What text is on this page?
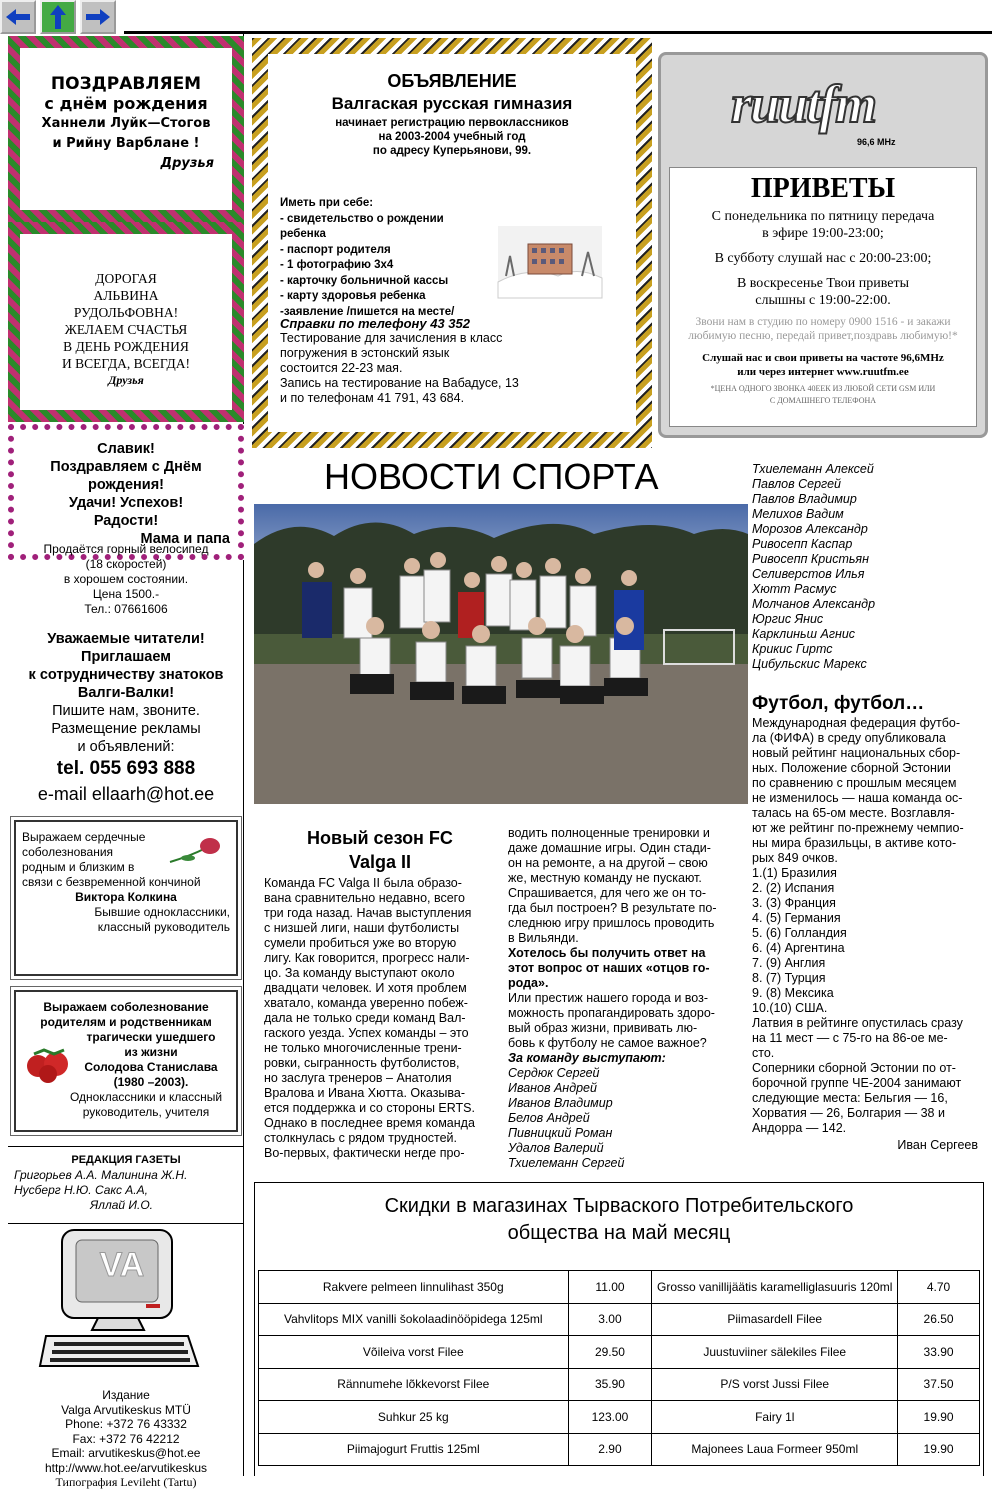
ПОЗДРАВЛЯЕМ
с днём рождения
Ханнели Луйк—Стогов
и Рийну Варблане !
Друзья
ДОРОГАЯ
АЛЬВИНА
РУДОЛЬФОВНА!
ЖЕЛАЕМ СЧАСТЬЯ
В ДЕНЬ РОЖДЕНИЯ
И ВСЕГДА, ВСЕГДА!
Друзья
Славик!
Поздравляем с Днём
рождения!
Удачи! Успехов!
Радости!
Мама и папа
Продаётся горный велосипед
(18 скоростей)
в хорошем состоянии.
Цена 1500.-
Тел.: 07661606
Уважаемые читатели!
Приглашаем
к сотрудничеству знатоков
Валги-Валки!
Пишите нам, звоните.
Размещение рекламы
и объявлений:
tel. 055 693 888
e-mail ellaarh@hot.ee
Выражаем сердечные
соболезнования
родным и близким в
связи с безвременной кончиной
Виктора Колкина
Бывшие одноклассники,
классный руководитель
Выражаем соболезнование
родителям и родственникам
трагически ушедшего
из жизни
Солодова Станислава
(1980 –2003).
Одноклассники и классный
руководитель, учителя
РЕДАКЦИЯ ГАЗЕТЫ
Григорьев А.А. Малинина Ж.Н.
Нусберг Н.Ю. Сакс А.А,
Яллай И.О.
VA
Издание
Valga Arvutikeskus MTÜ
Phone: +372 76 43332
Fax: +372 76 42212
Email: arvutikeskus@hot.ee
http://www.hot.ee/arvutikeskus
Типография Levileht (Tartu)
ОБЪЯВЛЕНИЕ
Валгаская русская гимназия
начинает регистрацию первоклассников
на 2003-2004 учебный год
по адресу Куперьянови, 99.
Иметь при себе:
- свидетельство о рождении
ребенка
- паспорт родителя
- 1 фотографию 3х4
- карточку больничной кассы
- карту здоровья ребенка
-заявление /пишется на месте/
Справки по телефону 43 352
Тестирование для зачисления в класс
погружения в эстонский язык
состоится 22-23 мая.
Запись на тестирование на Вабадусе, 13
и по телефонам 41 791, 43 684.
ruutfm
96,6 MHz
ПРИВЕТЫ
С понедельника по пятницу передача
в эфире 19:00-23:00;
В субботу слушай нас с 20:00-23:00;
В воскресенье Твои приветы
слышны с 19:00-22:00.
Звони нам в студию по номеру 0900 1516 - и закажи
любимую песню, передай привет,поздравь любимую!*
Слушай нас и свои приветы на частоте 96,6MHz
или через интернет www.ruutfm.ee
*ЦЕНА ОДНОГО ЗВОНКА 40ЕЕК ИЗ ЛЮБОЙ СЕТИ GSM ИЛИ
С ДОМАШНЕГО ТЕЛЕФОНА
НОВОСТИ СПОРТА	Тхиелеманн Алексей
Павлов Сергей
Павлов Владимир
Мелихов Вадим
Морозов Александр
Ривосепп Каспар
Ривосепп Кристьян
Селиверстов Илья
Хютт Расмус
Молчанов Александр
Юргис Янис
Карклиньш Агнис
Крикис Гиртс
Цибульскис Марекс
Новый сезон FC
Valga II
Команда FC Valga II была образо-
вана сравнительно недавно, всего
три года назад. Начав выступления
с низшей лиги, наши футболисты
сумели пробиться уже во вторую
лигу. Как говорится, прогресс нали-
цо. За команду выступают около
двадцати человек. И хотя проблем
хватало, команда уверенно побеж-
дала не только среди команд Вал-
гаского уезда. Успех команды – это
не только многочисленные трени-
ровки, сыгранность футболистов,
но заслуга тренеров – Анатолия
Вралова и Ивана Хютта. Оказыва-
ется поддержка и со стороны ERTS.
Однако в последнее время команда
столкнулась с рядом трудностей.
Во-первых, фактически негде про-
водить полноценные тренировки и
даже домашние игры. Один стади-
он на ремонте, а на другой – свою
же, местную команду не пускают.
Спрашивается, для чего же он то-
гда был построен? В результате по-
следнюю игру пришлось проводить
в Вильянди.
Хотелось бы получить ответ на
этот вопрос от наших «отцов го-
рода».
Или престиж нашего города и воз-
можность пропагандировать здоро-
вый образ жизни, прививать лю-
бовь к футболу не самое важное?
За команду выступают:
Сердюк Сергей
Иванов Андрей
Иванов Владимир
Белов Андрей
Пивницкий Роман
Удалов Валерий
Тхиелеманн Сергей
Футбол, футбол…
Международная федерация футбо-
ла (ФИФА) в среду опубликовала
новый рейтинг национальных сбор-
ных. Положение сборной Эстонии
по сравнению с прошлым месяцем
не изменилось — наша команда ос-
талась на 65-ом месте. Возглавля-
ют же рейтинг по-прежнему чемпио-
ны мира бразильцы, в активе кото-
рых 849 очков.
1.(1) Бразилия
2. (2) Испания
3. (3) Франция
4. (5) Германия
5. (6) Голландия
6. (4) Аргентина
7. (9) Англия
8. (7) Турция
9. (8) Мексика
10.(10) США.
Латвия в рейтинге опустилась сразу
на 11 мест — с 75-го на 86-ое ме-
сто.
Соперники сборной Эстонии по от-
борочной группе ЧЕ-2004 занимают
следующие места: Бельгия — 16,
Хорватия — 26, Болгария — 38 и
Андорра — 142.
Иван Сергеев
Скидки в магазинах Тырваского Потребительского
общества на май месяц
Rakvere pelmeen linnulihast 350g	11.00	Grosso vanillijäätis karamelliglasuuris 120ml	4.70
Vahvlitops MIX vanilli šokolaadinööpidega 125ml	3.00	Piimasardell Filee	26.50
Võileiva vorst Filee	29.50	Juustuviiner sälekiles Filee	33.90
Rännumehe lõkkevorst Filee	35.90	P/S vorst Jussi Filee	37.50
Suhkur 25 kg	123.00	Fairy 1l	19.90
Piimajogurt Fruttis 125ml	2.90	Majonees Laua Formeer 950ml	19.90
